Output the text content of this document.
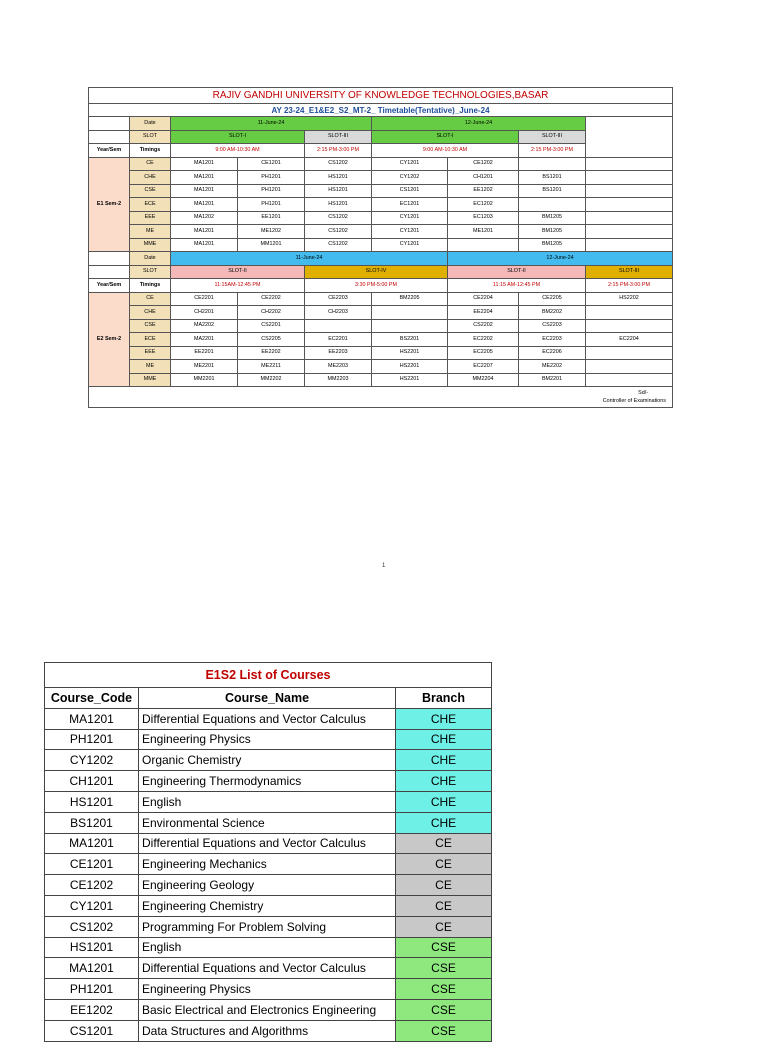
RAJIV GANDHI UNIVERSITY OF KNOWLEDGE TECHNOLOGIES,BASAR								
AY 23-24_E1&E2_S2_MT-2_ Timetable(Tentative)_June-24								
	Date	11-June-24			12-June-24			
	SLOT	SLOT-I		SLOT-III	SLOT-I		SLOT-III	
Year/Sem	Timings	9:00 AM-10:30 AM		2:15 PM-3:00 PM	9:00 AM-10:30 AM		2:15 PM-3:00 PM	
E1 Sem-2	CE	MA1201	CE1201	CS1202	CY1201	CE1202		
	CHE	MA1201	PH1201	HS1201	CY1202	CH1201	BS1201	
	CSE	MA1201	PH1201	HS1201	CS1201	EE1202	BS1201	
	ECE	MA1201	PH1201	HS1201	EC1201	EC1202		
	EEE	MA1202	EE1201	CS1202	CY1201	EC1203	BM1205	
	ME	MA1201	ME1202	CS1202	CY1201	ME1201	BM1205	
	MME	MA1201	MM1201	CS1202	CY1201		BM1205	
	Date	11-June-24				12-June-24		
	SLOT	SLOT-II		SLOT-IV		SLOT-II		SLOT-III
Year/Sem	Timings	11:15AM-12:45 PM		3:30 PM-5:00 PM		11:15 AM-12:45 PM		2:15 PM-3:00 PM
E2 Sem-2	CE	CE2201	CE2202	CE2203	BM2205	CE2204	CE2205	HS2202
	CHE	CH2201	CH2202	CH2203		EE2204	BM2202	
	CSE	MA2202	CS2201			CS2202	CS2203	
	ECE	MA2201	CS2205	EC2201	BS2201	EC2202	EC2203	EC2204
	EEE	EE2201	EE2202	EE2203	HS2201	EC2205	EC2206	
	ME	ME2201	ME2211	ME2203	HS2201	EC2207	ME2202	
	MME	MM2201	MM2202	MM2203	HS2201	MM2204	BM2201	

Sd/-
Controller of Examinations								
1
E1S2 List of Courses		
Course_Code	Course_Name	Branch
MA1201	Differential Equations and Vector Calculus	CHE
PH1201	Engineering Physics	CHE
CY1202	Organic Chemistry	CHE
CH1201	Engineering Thermodynamics	CHE
HS1201	English	CHE
BS1201	Environmental Science	CHE
MA1201	Differential Equations and Vector Calculus	CE
CE1201	Engineering Mechanics	CE
CE1202	Engineering Geology	CE
CY1201	Engineering Chemistry	CE
CS1202	Programming For Problem Solving	CE
HS1201	English	CSE
MA1201	Differential Equations and Vector Calculus	CSE
PH1201	Engineering Physics	CSE
EE1202	Basic Electrical and Electronics Engineering	CSE
CS1201	Data Structures and Algorithms	CSE
